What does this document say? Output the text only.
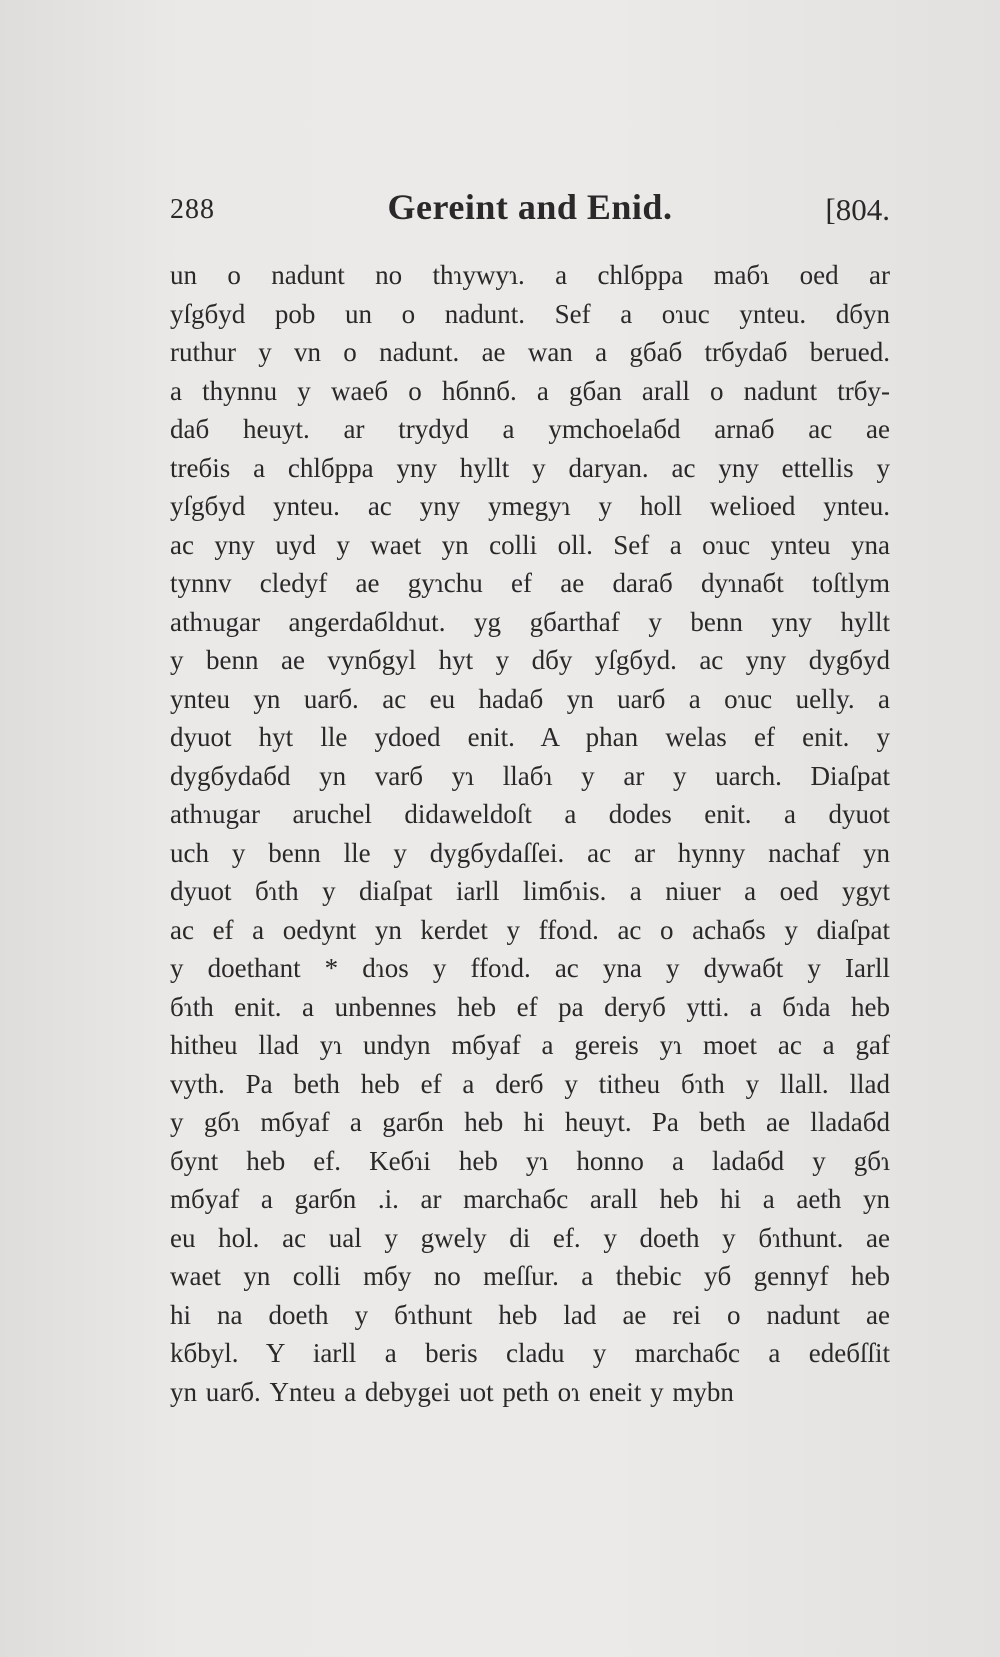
288	Gereint and Enid.	[804.
un o nadunt no thɿywyɿ. a chlбppa maбɿ oed ar
yſgбyd pob un o nadunt. Sef a oɿuc ynteu. dбyn
ruthur y vn o nadunt. ae wan a gбaб trбydaб berued.
a thynnu y waeб o hбnnб. a gбan arall o nadunt trбy-
daб heuyt. ar trydyd a ymchoelaбd arnaб ac ae
treбis a chlбppa yny hyllt y daryan. ac yny ettellis y
yſgбyd ynteu. ac yny ymegyɿ y holl welioed ynteu.
ac yny uyd y waet yn colli oll. Sef a oɿuc ynteu yna
tynnv cledyf ae gyɿchu ef ae daraб dyɿnaбt toſtlym
athɿugar angerdaбldɿut. yg gбarthaf y benn yny hyllt
y benn ae vynбgyl hyt y dбy yſgбyd. ac yny dygбyd
ynteu yn uarб. ac eu hadaб yn uarб a oɿuc uelly. a
dyuot hyt lle ydoed enit. A phan welas ef enit. y
dygбydaбd yn varб yɿ llaбɿ y ar y uarch. Diaſpat
athɿugar aruchel didaweldoſt a dodes enit. a dyuot
uch y benn lle y dygбydaſſei. ac ar hynny nachaf yn
dyuot бɿth y diaſpat iarll limбɿis. a niuer a oed ygyt
ac ef a oedynt yn kerdet y ffoɿd. ac o achaбs y diaſpat
y doethant * dɿos y ffoɿd. ac yna y dywaбt y Iarll
бɿth enit. a unbennes heb ef pa deryб ytti. a бɿda heb
hitheu llad yɿ undyn mбyaf a gereis yɿ moet ac a gaf
vyth. Pa beth heb ef a derб y titheu бɿth y llall. llad
y gбɿ mбyaf a garбn heb hi heuyt. Pa beth ae lladaбd
бynt heb ef. Keбɿi heb yɿ honno a ladaбd y gбɿ
mбyaf a garбn .i. ar marchaбc arall heb hi a aeth yn
eu hol. ac ual y gwely di ef. y doeth y бɿthunt. ae
waet yn colli mбy no meſſur. a thebic yб gennyf heb
hi na doeth y бɿthunt heb lad ae rei o nadunt ae
kбbyl. Y iarll a beris cladu y marchaбc a edeбſſit
yn uarб. Ynteu a debygei uot peth oɿ eneit y mybn
